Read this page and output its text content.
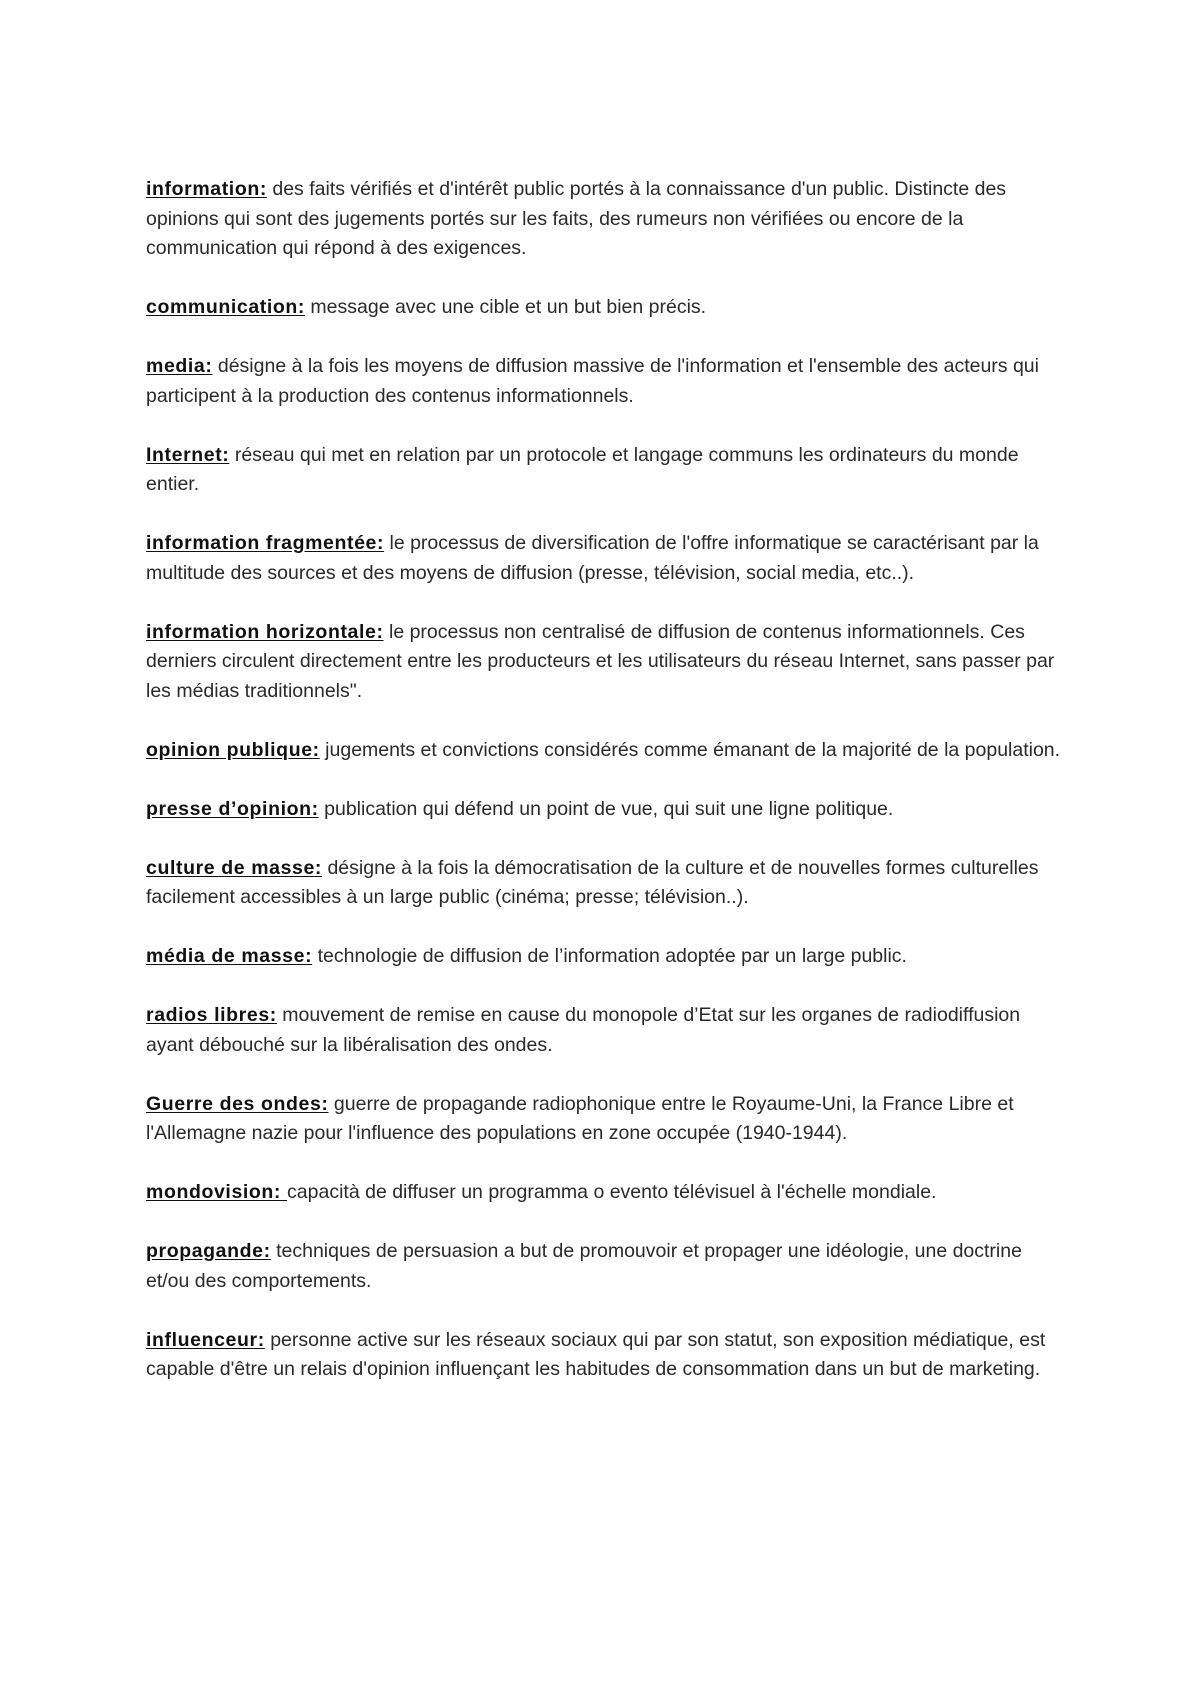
information: des faits vérifiés et d'intérêt public portés à la connaissance d'un public. Distincte des opinions qui sont des jugements portés sur les faits, des rumeurs non vérifiées ou encore de la communication qui répond à des exigences.

communication: message avec une cible et un but bien précis.

media: désigne à la fois les moyens de diffusion massive de l'information et l'ensemble des acteurs qui participent à la production des contenus informationnels.

Internet: réseau qui met en relation par un protocole et langage communs les ordinateurs du monde entier.

information fragmentée: le processus de diversification de l'offre informatique se caractérisant par la multitude des sources et des moyens de diffusion (presse, télévision, social media, etc..).

information horizontale: le processus non centralisé de diffusion de contenus informationnels. Ces derniers circulent directement entre les producteurs et les utilisateurs du réseau Internet, sans passer par les médias traditionnels".

opinion publique: jugements et convictions considérés comme émanant de la majorité de la population.

presse d’opinion: publication qui défend un point de vue, qui suit une ligne politique.

culture de masse: désigne à la fois la démocratisation de la culture et de nouvelles formes culturelles facilement accessibles à un large public (cinéma; presse; télévision..).

média de masse: technologie de diffusion de l’information adoptée par un large public.

radios libres: mouvement de remise en cause du monopole d’Etat sur les organes de radiodiffusion ayant débouché sur la libéralisation des ondes.

Guerre des ondes: guerre de propagande radiophonique entre le Royaume-Uni, la France Libre et l'Allemagne nazie pour l'influence des populations en zone occupée (1940-1944).

mondovision: capacità de diffuser un programma o evento télévisuel à l'échelle mondiale.

propagande: techniques de persuasion a but de promouvoir et propager une idéologie, une doctrine et/ou des comportements.

influenceur: personne active sur les réseaux sociaux qui par son statut, son exposition médiatique, est capable d'être un relais d'opinion influençant les habitudes de consommation dans un but de marketing.
